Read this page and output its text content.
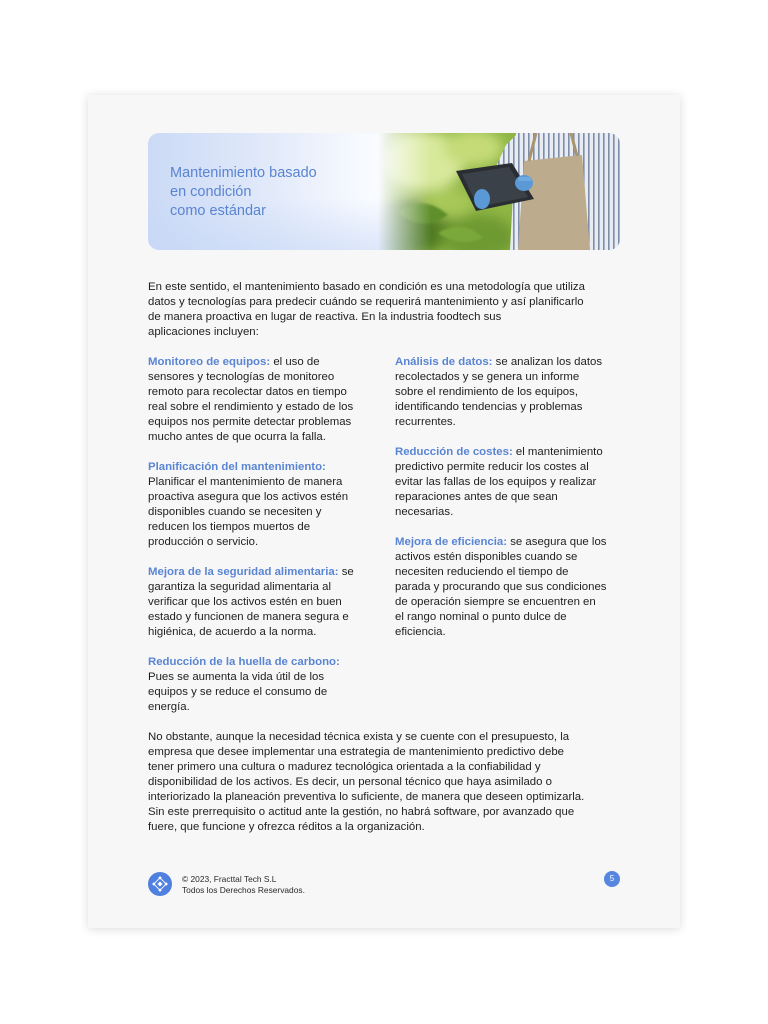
Mantenimiento basado
en condición
como estándar
En este sentido, el mantenimiento basado en condición es una metodología que utiliza
datos y tecnologías para predecir cuándo se requerirá mantenimiento y así planificarlo
de manera proactiva en lugar de reactiva. En la industria foodtech sus
aplicaciones incluyen:
Monitoreo de equipos: el uso de
sensores y tecnologías de monitoreo
remoto para recolectar datos en tiempo
real sobre el rendimiento y estado de los
equipos nos permite detectar problemas
mucho antes de que ocurra la falla.
Planificación del mantenimiento:
Planificar el mantenimiento de manera
proactiva asegura que los activos estén
disponibles cuando se necesiten y
reducen los tiempos muertos de
producción o servicio.
Mejora de la seguridad alimentaria: se
garantiza la seguridad alimentaria al
verificar que los activos estén en buen
estado y funcionen de manera segura e
higiénica, de acuerdo a la norma.
Reducción de la huella de carbono:
Pues se aumenta la vida útil de los
equipos y se reduce el consumo de
energía.
Análisis de datos: se analizan los datos
recolectados y se genera un informe
sobre el rendimiento de los equipos,
identificando tendencias y problemas
recurrentes.
Reducción de costes: el mantenimiento
predictivo permite reducir los costes al
evitar las fallas de los equipos y realizar
reparaciones antes de que sean
necesarias.
Mejora de eficiencia: se asegura que los
activos estén disponibles cuando se
necesiten reduciendo el tiempo de
parada y procurando que sus condiciones
de operación siempre se encuentren en
el rango nominal o punto dulce de
eficiencia.
No obstante, aunque la necesidad técnica exista y se cuente con el presupuesto, la
empresa que desee implementar una estrategia de mantenimiento predictivo debe
tener primero una cultura o madurez tecnológica orientada a la confiabilidad y
disponibilidad de los activos. Es decir, un personal técnico que haya asimilado o
interiorizado la planeación preventiva lo suficiente, de manera que deseen optimizarla.
Sin este prerrequisito o actitud ante la gestión, no habrá software, por avanzado que
fuere, que funcione y ofrezca réditos a la organización.
© 2023, Fracttal Tech S.L
Todos los Derechos Reservados.
5
